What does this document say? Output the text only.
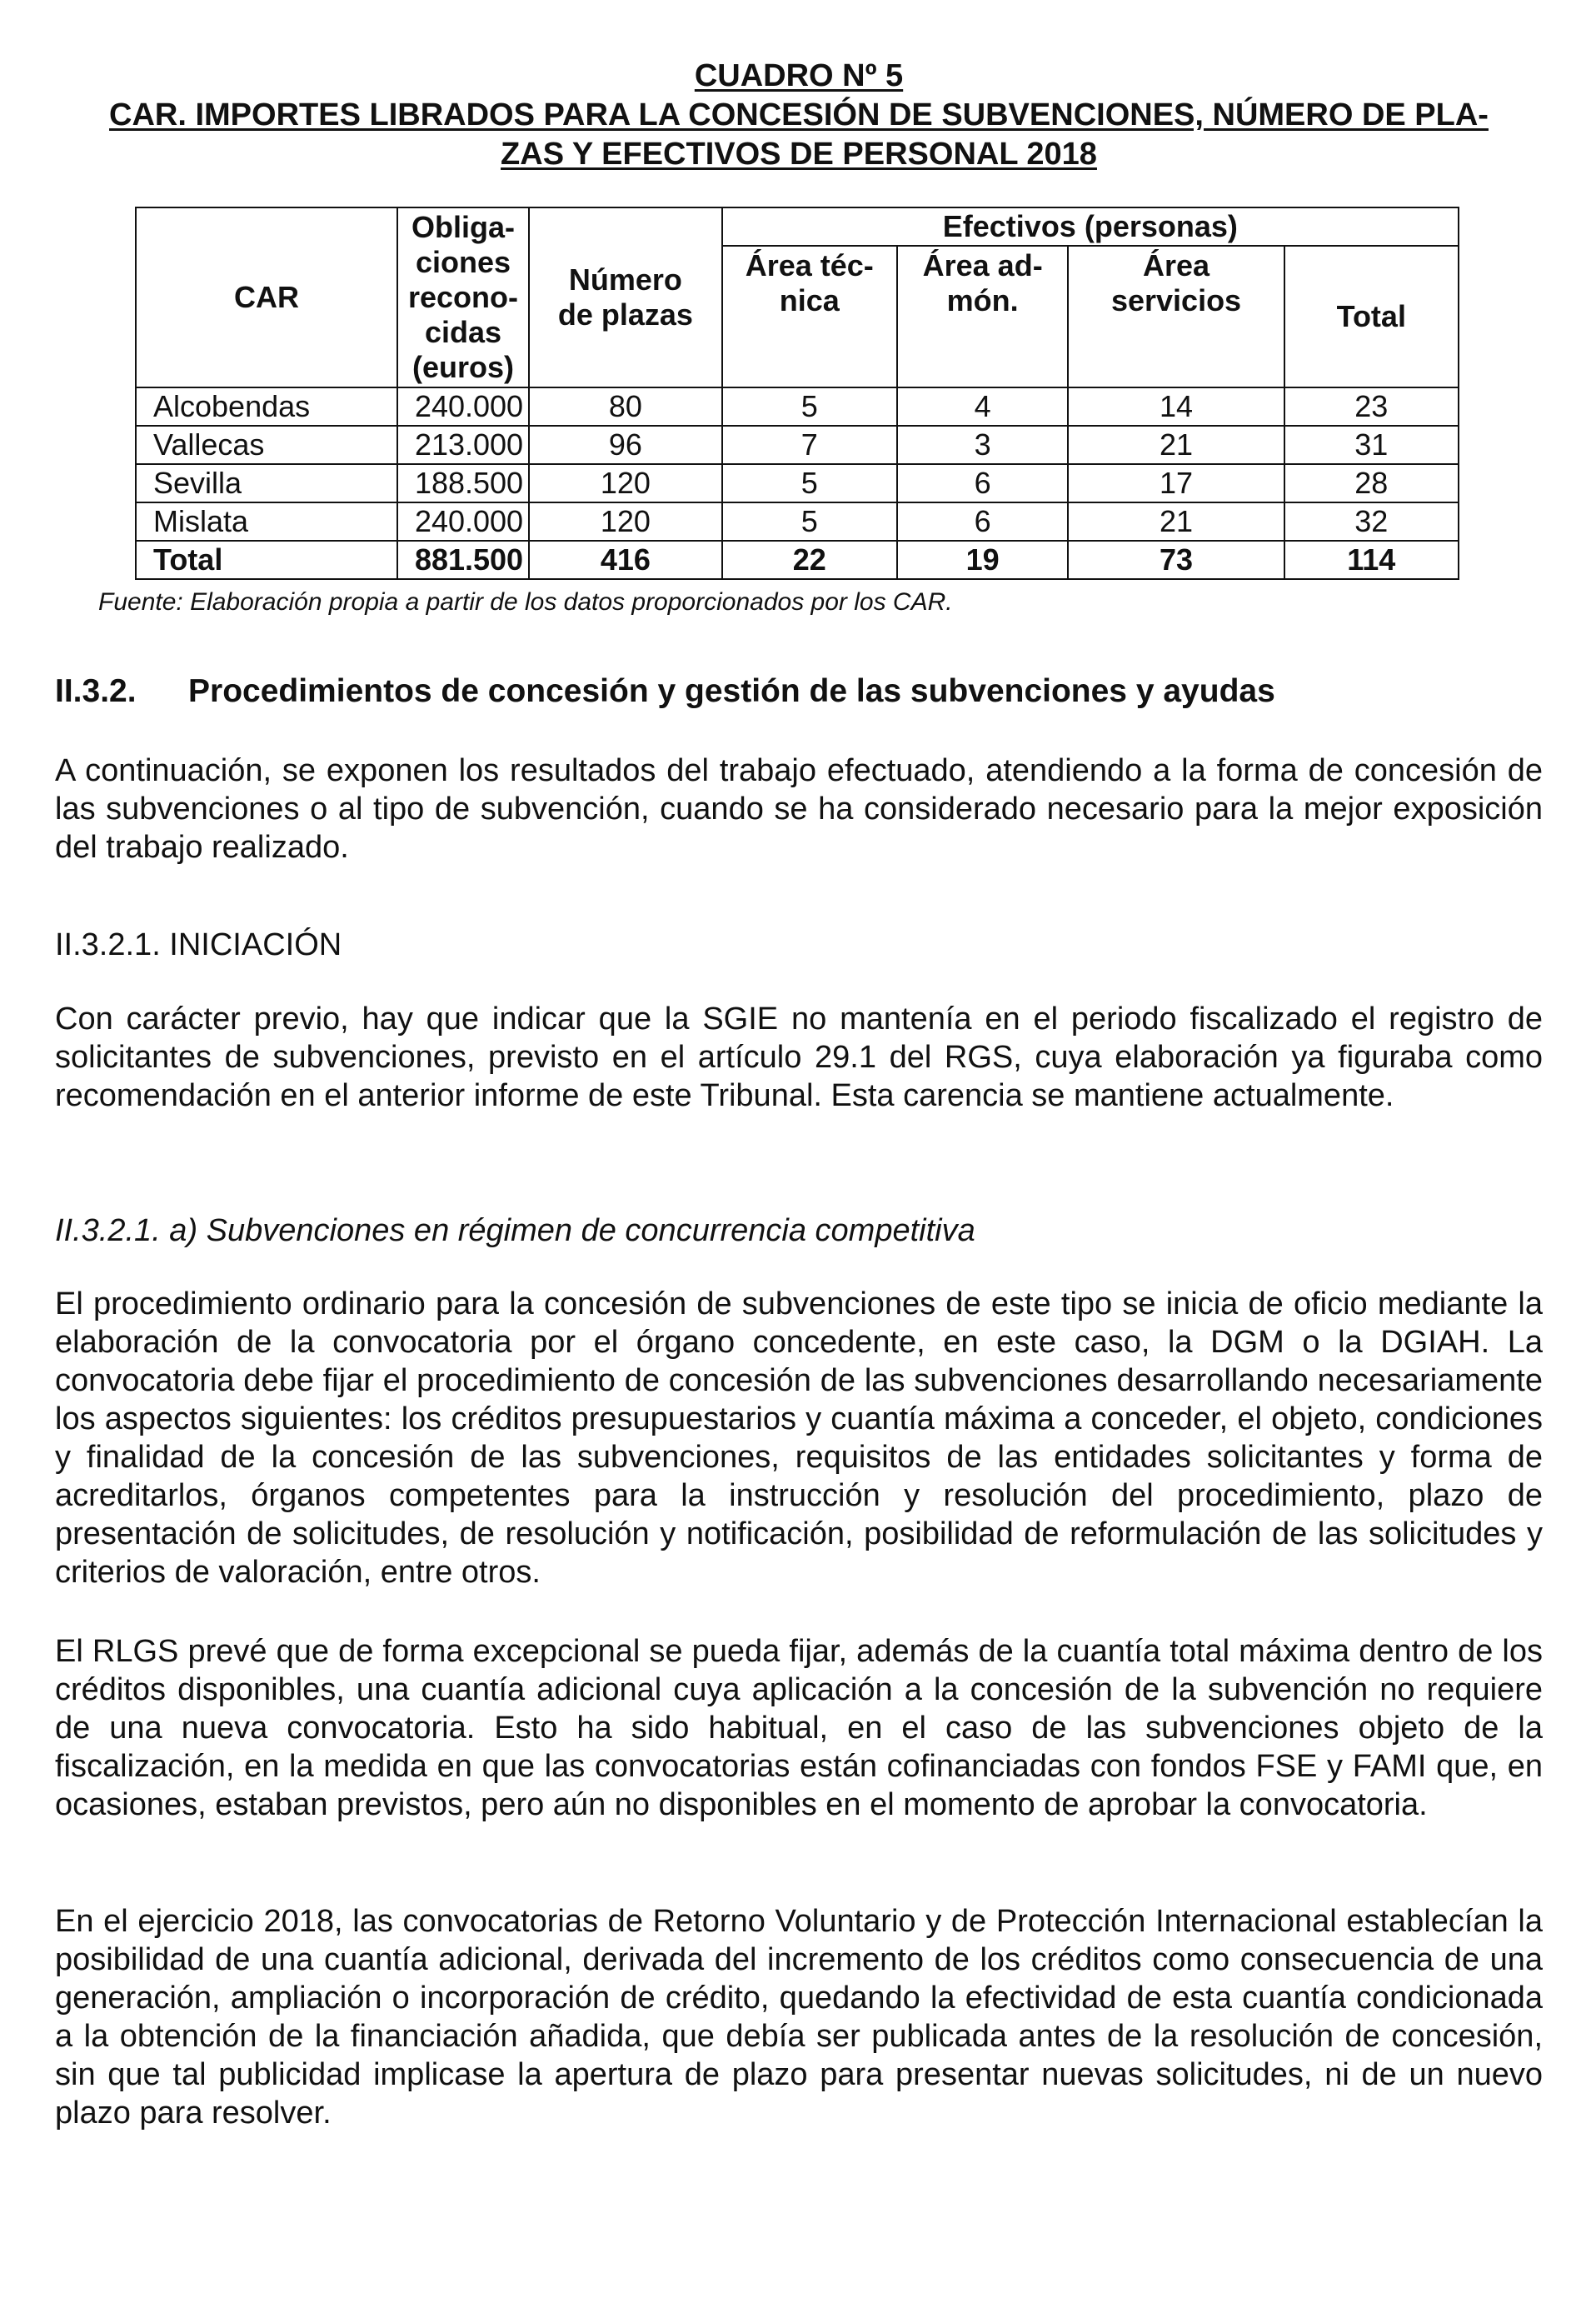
CUADRO Nº 5
CAR. IMPORTES LIBRADOS PARA LA CONCESIÓN DE SUBVENCIONES, NÚMERO DE PLA-
ZAS Y EFECTIVOS DE PERSONAL 2018
CAR	Obliga-ciones recono-cidas (euros)	Número de plazas	Efectivos (personas)			
			Área téc-nica	Área ad-món.	Área servicios	Total
Alcobendas	240.000	80	5	4	14	23
Vallecas	213.000	96	7	3	21	31
Sevilla	188.500	120	5	6	17	28
Mislata	240.000	120	5	6	21	32
Total	881.500	416	22	19	73	114
Fuente: Elaboración propia a partir de los datos proporcionados por los CAR.
II.3.2. Procedimientos de concesión y gestión de las subvenciones y ayudas

A continuación, se exponen los resultados del trabajo efectuado, atendiendo a la forma de concesión de las subvenciones o al tipo de subvención, cuando se ha considerado necesario para la mejor exposición del trabajo realizado.

II.3.2.1. INICIACIÓN

Con carácter previo, hay que indicar que la SGIE no mantenía en el periodo fiscalizado el registro de solicitantes de subvenciones, previsto en el artículo 29.1 del RGS, cuya elaboración ya figuraba como recomendación en el anterior informe de este Tribunal. Esta carencia se mantiene actualmente.

II.3.2.1. a) Subvenciones en régimen de concurrencia competitiva

El procedimiento ordinario para la concesión de subvenciones de este tipo se inicia de oficio mediante la elaboración de la convocatoria por el órgano concedente, en este caso, la DGM o la DGIAH. La convocatoria debe fijar el procedimiento de concesión de las subvenciones desarrollando necesariamente los aspectos siguientes: los créditos presupuestarios y cuantía máxima a conceder, el objeto, condiciones y finalidad de la concesión de las subvenciones, requisitos de las entidades solicitantes y forma de acreditarlos, órganos competentes para la instrucción y resolución del procedimiento, plazo de presentación de solicitudes, de resolución y notificación, posibilidad de reformulación de las solicitudes y criterios de valoración, entre otros.

El RLGS prevé que de forma excepcional se pueda fijar, además de la cuantía total máxima dentro de los créditos disponibles, una cuantía adicional cuya aplicación a la concesión de la subvención no requiere de una nueva convocatoria. Esto ha sido habitual, en el caso de las subvenciones objeto de la fiscalización, en la medida en que las convocatorias están cofinanciadas con fondos FSE y FAMI que, en ocasiones, estaban previstos, pero aún no disponibles en el momento de aprobar la convocatoria.

En el ejercicio 2018, las convocatorias de Retorno Voluntario y de Protección Internacional establecían la posibilidad de una cuantía adicional, derivada del incremento de los créditos como consecuencia de una generación, ampliación o incorporación de crédito, quedando la efectividad de esta cuantía condicionada a la obtención de la financiación añadida, que debía ser publicada antes de la resolución de concesión, sin que tal publicidad implicase la apertura de plazo para presentar nuevas solicitudes, ni de un nuevo plazo para resolver.
